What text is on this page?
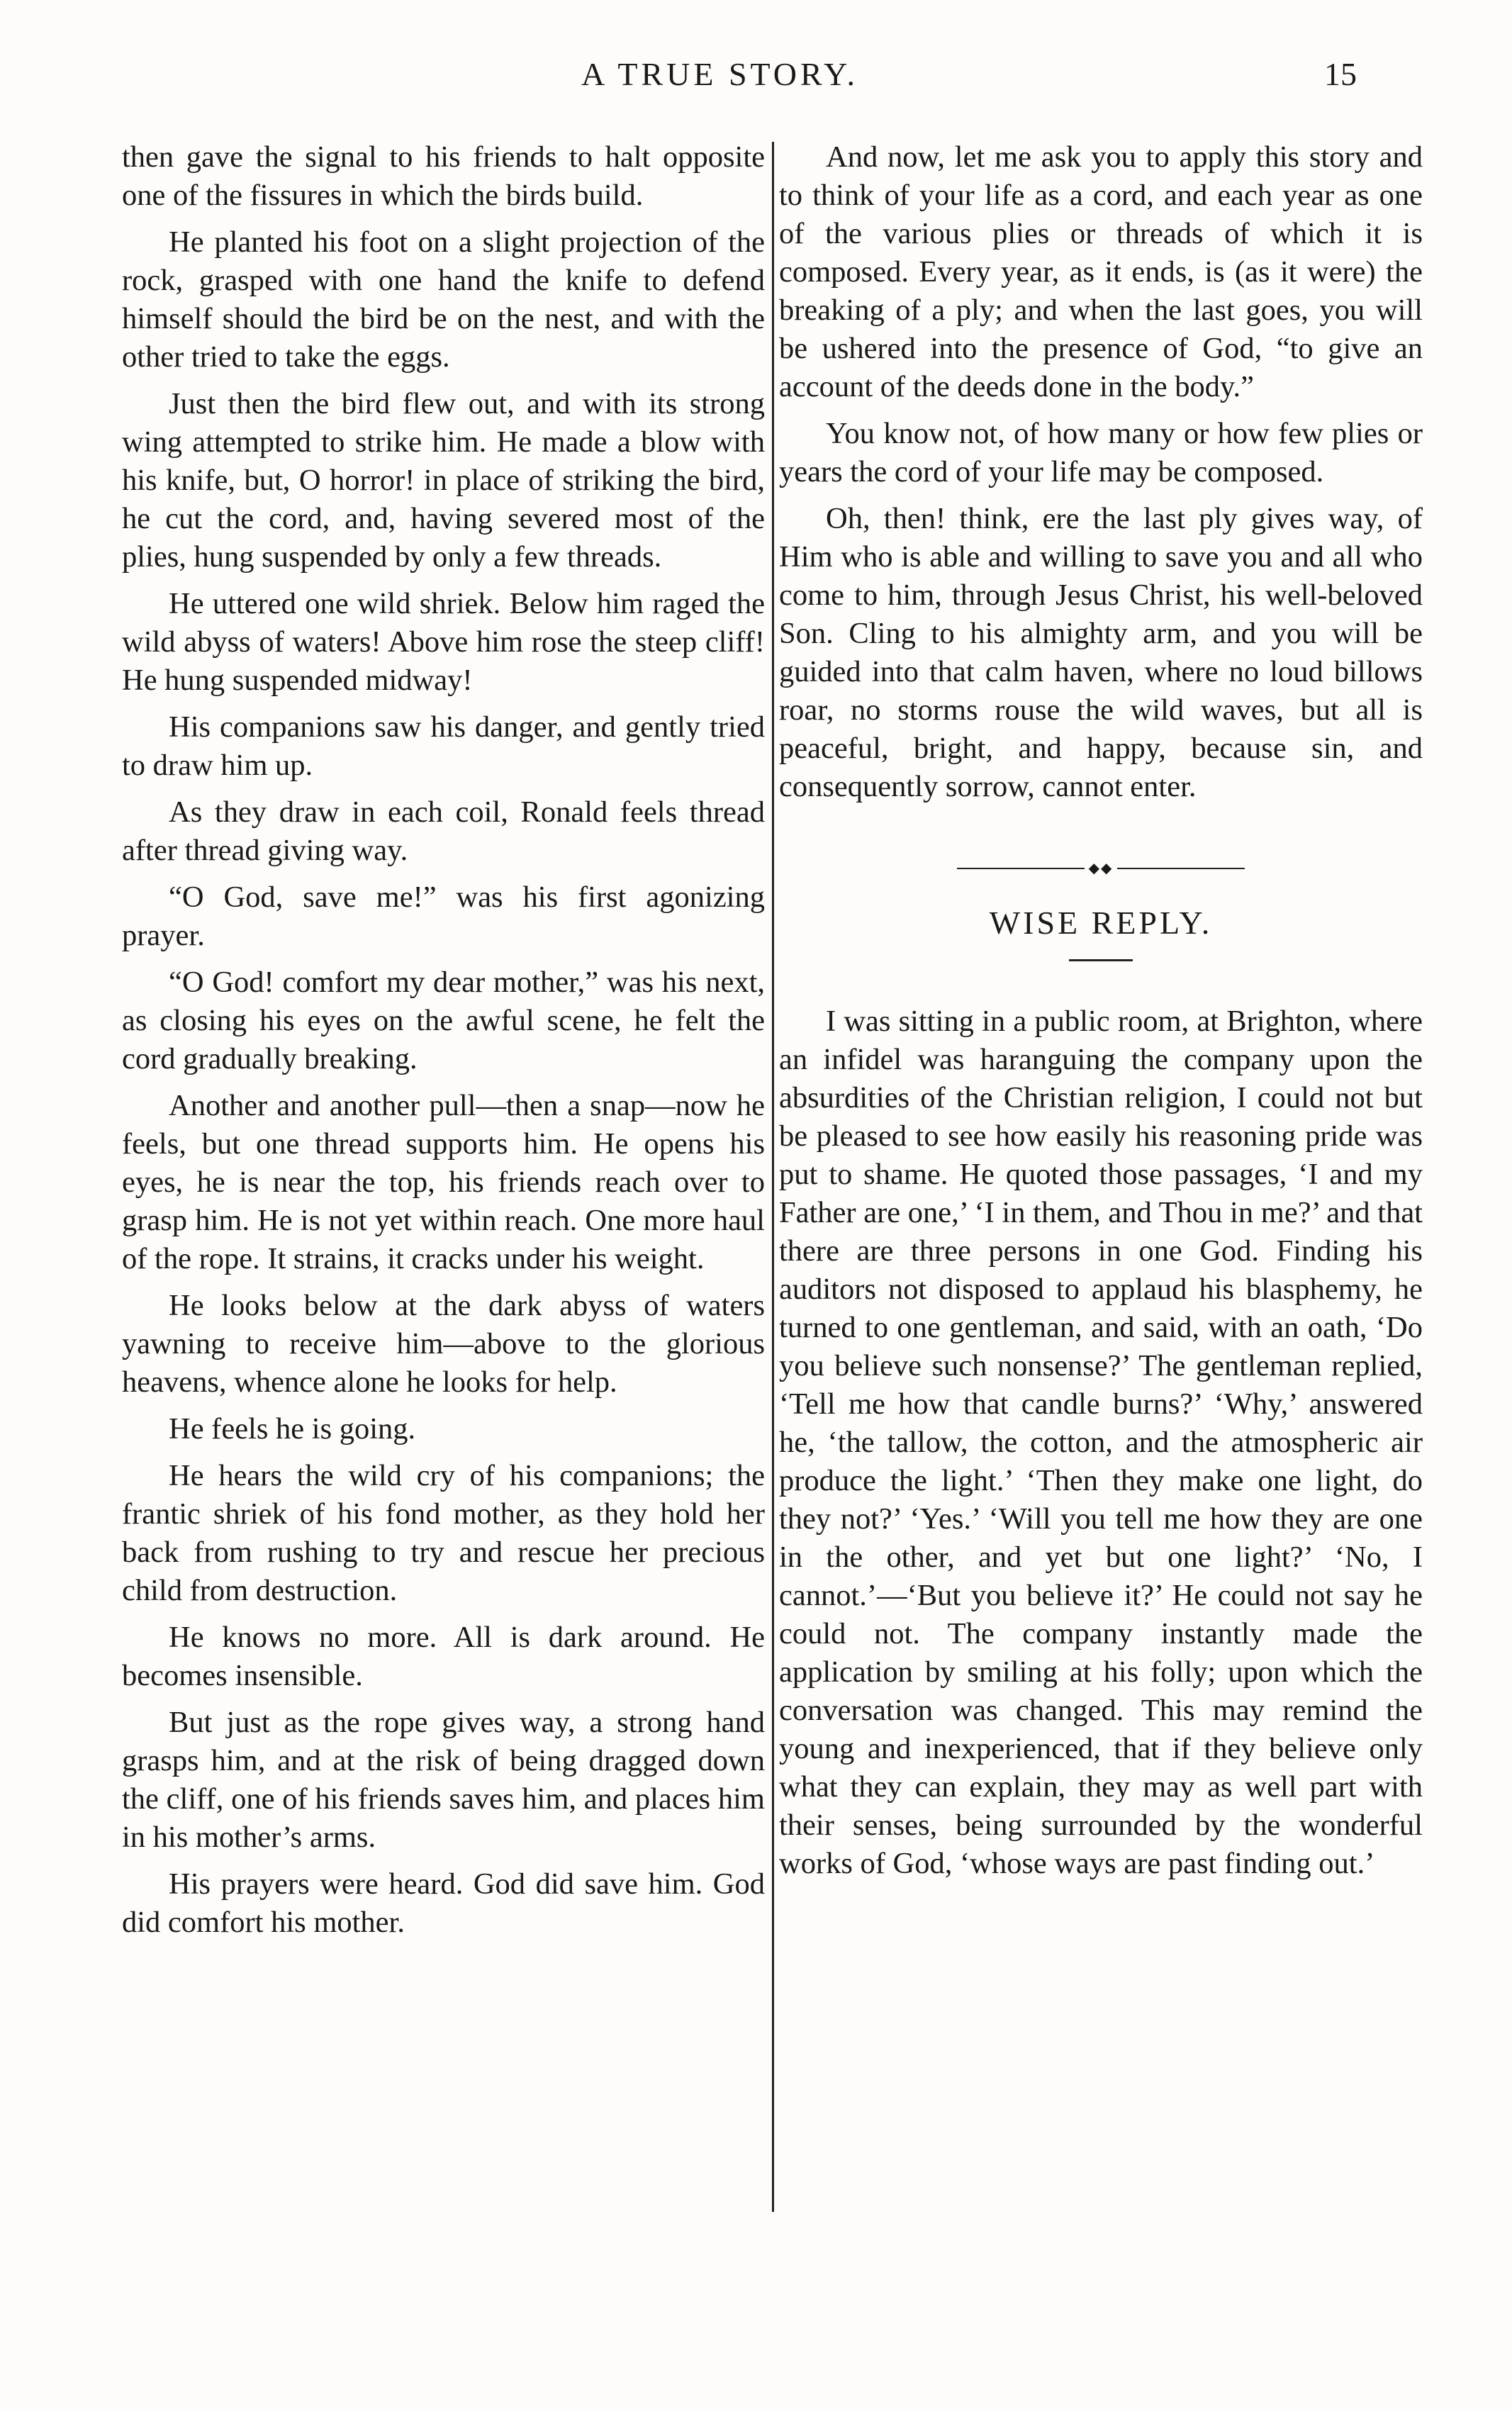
A TRUE STORY.	15

then gave the signal to his friends to halt opposite one of the fissures in which the birds build.

He planted his foot on a slight projection of the rock, grasped with one hand the knife to defend himself should the bird be on the nest, and with the other tried to take the eggs.

Just then the bird flew out, and with its strong wing attempted to strike him. He made a blow with his knife, but, O horror! in place of striking the bird, he cut the cord, and, having severed most of the plies, hung suspended by only a few threads.

He uttered one wild shriek. Below him raged the wild abyss of waters! Above him rose the steep cliff! He hung suspended midway!

His companions saw his danger, and gently tried to draw him up.

As they draw in each coil, Ronald feels thread after thread giving way.

“O God, save me!” was his first agonizing prayer.

“O God! comfort my dear mother,” was his next, as closing his eyes on the awful scene, he felt the cord gradually breaking.

Another and another pull—then a snap—now he feels, but one thread supports him. He opens his eyes, he is near the top, his friends reach over to grasp him. He is not yet within reach. One more haul of the rope. It strains, it cracks under his weight.

He looks below at the dark abyss of waters yawning to receive him—above to the glorious heavens, whence alone he looks for help.

He feels he is going.

He hears the wild cry of his companions; the frantic shriek of his fond mother, as they hold her back from rushing to try and rescue her precious child from destruction.

He knows no more. All is dark around. He becomes insensible.

But just as the rope gives way, a strong hand grasps him, and at the risk of being dragged down the cliff, one of his friends saves him, and places him in his mother’s arms.

His prayers were heard. God did save him. God did comfort his mother.

And now, let me ask you to apply this story and to think of your life as a cord, and each year as one of the various plies or threads of which it is composed. Every year, as it ends, is (as it were) the breaking of a ply; and when the last goes, you will be ushered into the presence of God, “to give an account of the deeds done in the body.”

You know not, of how many or how few plies or years the cord of your life may be composed.

Oh, then! think, ere the last ply gives way, of Him who is able and willing to save you and all who come to him, through Jesus Christ, his well-beloved Son. Cling to his almighty arm, and you will be guided into that calm haven, where no loud billows roar, no storms rouse the wild waves, but all is peaceful, bright, and happy, because sin, and consequently sorrow, cannot enter.

◆◆
WISE REPLY.

I was sitting in a public room, at Brighton, where an infidel was haranguing the company upon the absurdities of the Christian religion, I could not but be pleased to see how easily his reasoning pride was put to shame. He quoted those passages, ‘I and my Father are one,’ ‘I in them, and Thou in me?’ and that there are three persons in one God. Finding his auditors not disposed to applaud his blasphemy, he turned to one gentleman, and said, with an oath, ‘Do you believe such nonsense?’ The gentleman replied, ‘Tell me how that candle burns?’ ‘Why,’ answered he, ‘the tallow, the cotton, and the atmospheric air produce the light.’ ‘Then they make one light, do they not?’ ‘Yes.’ ‘Will you tell me how they are one in the other, and yet but one light?’ ‘No, I cannot.’—‘But you believe it?’ He could not say he could not. The company instantly made the application by smiling at his folly; upon which the conversation was changed. This may remind the young and inexperienced, that if they believe only what they can explain, they may as well part with their senses, being surrounded by the wonderful works of God, ‘whose ways are past finding out.’
